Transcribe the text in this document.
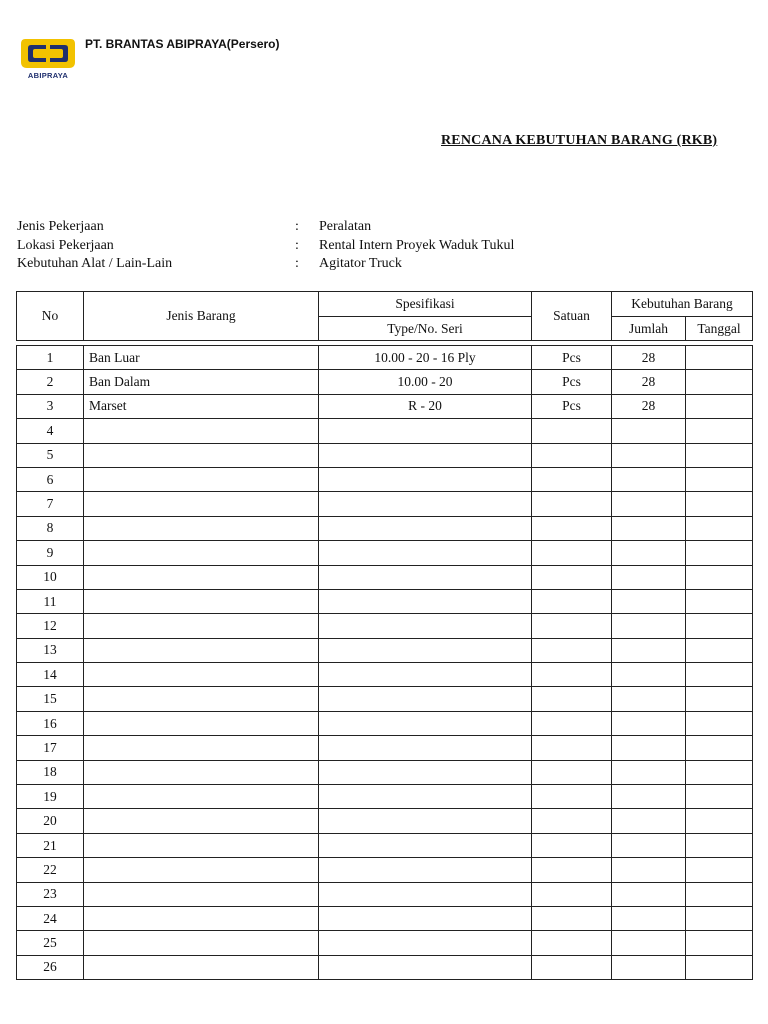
ABIPRAYA
PT. BRANTAS ABIPRAYA(Persero)
RENCANA KEBUTUHAN BARANG (RKB)
Jenis Pekerjaan	: Peralatan
Lokasi Pekerjaan	: Rental Intern Proyek Waduk Tukul
Kebutuhan Alat / Lain-Lain	: Agitator Truck
No	Jenis Barang	Spesifikasi	Satuan	Kebutuhan Barang	
		Type/No. Seri		Jumlah	Tanggal
1	Ban Luar	10.00 - 20 - 16 Ply	Pcs	28	
2	Ban Dalam	10.00 - 20	Pcs	28	
3	Marset	R - 20	Pcs	28	
4					
5					
6					
7					
8					
9					
10					
11					
12					
13					
14					
15					
16					
17					
18					
19					
20					
21					
22					
23					
24					
25					
26					
